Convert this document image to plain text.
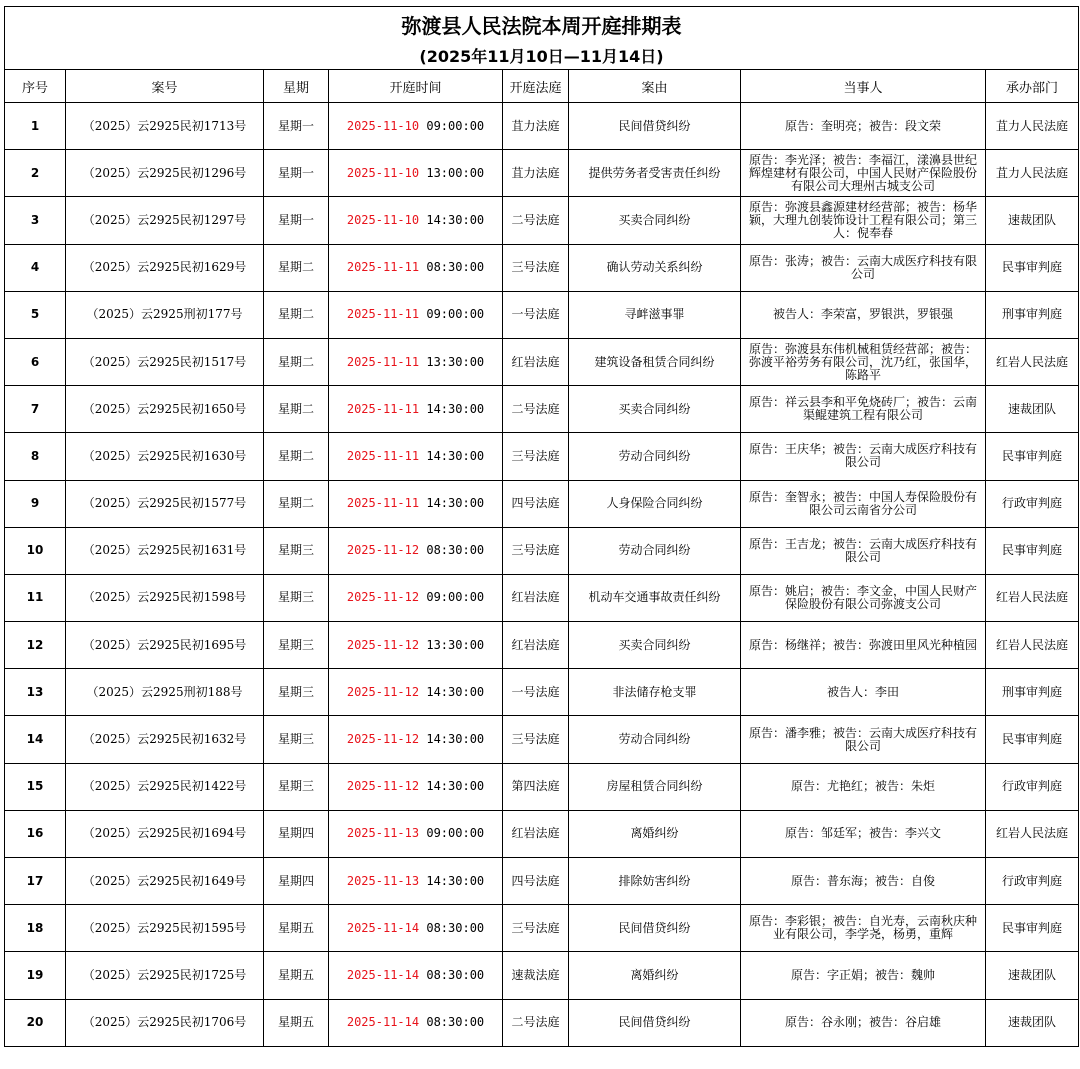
弥渡县人民法院本周开庭排期表							
(2025年11月10日—11月14日)							
序号	案号	星期	开庭时间	开庭法庭	案由	当事人	承办部门
1	（2025）云2925民初1713号	星期一	2025-11-10 09:00:00	苴力法庭	民间借贷纠纷	原告：奎明亮；被告：段文荣	苴力人民法庭
2	（2025）云2925民初1296号	星期一	2025-11-10 13:00:00	苴力法庭	提供劳务者受害责任纠纷	原告：李光泽；被告：李福江，漾濞县世纪辉煌建材有限公司，中国人民财产保险股份有限公司大理州古城支公司	苴力人民法庭
3	（2025）云2925民初1297号	星期一	2025-11-10 14:30:00	二号法庭	买卖合同纠纷	原告：弥渡县鑫源建材经营部；被告：杨华颖，大理九创装饰设计工程有限公司；第三人：倪奉春	速裁团队
4	（2025）云2925民初1629号	星期二	2025-11-11 08:30:00	三号法庭	确认劳动关系纠纷	原告：张涛；被告：云南大成医疗科技有限公司	民事审判庭
5	（2025）云2925刑初177号	星期二	2025-11-11 09:00:00	一号法庭	寻衅滋事罪	被告人：李荣富，罗银洪，罗银强	刑事审判庭
6	（2025）云2925民初1517号	星期二	2025-11-11 13:30:00	红岩法庭	建筑设备租赁合同纠纷	原告：弥渡县东伟机械租赁经营部；被告：弥渡平裕劳务有限公司，沈乃红，张国华，陈路平	红岩人民法庭
7	（2025）云2925民初1650号	星期二	2025-11-11 14:30:00	二号法庭	买卖合同纠纷	原告：祥云县李和平免烧砖厂；被告：云南渠鲲建筑工程有限公司	速裁团队
8	（2025）云2925民初1630号	星期二	2025-11-11 14:30:00	三号法庭	劳动合同纠纷	原告：王庆华；被告：云南大成医疗科技有限公司	民事审判庭
9	（2025）云2925民初1577号	星期二	2025-11-11 14:30:00	四号法庭	人身保险合同纠纷	原告：奎智永；被告：中国人寿保险股份有限公司云南省分公司	行政审判庭
10	（2025）云2925民初1631号	星期三	2025-11-12 08:30:00	三号法庭	劳动合同纠纷	原告：王吉龙；被告：云南大成医疗科技有限公司	民事审判庭
11	（2025）云2925民初1598号	星期三	2025-11-12 09:00:00	红岩法庭	机动车交通事故责任纠纷	原告：姚启；被告：李文金，中国人民财产保险股份有限公司弥渡支公司	红岩人民法庭
12	（2025）云2925民初1695号	星期三	2025-11-12 13:30:00	红岩法庭	买卖合同纠纷	原告：杨继祥；被告：弥渡田里风光种植园	红岩人民法庭
13	（2025）云2925刑初188号	星期三	2025-11-12 14:30:00	一号法庭	非法储存枪支罪	被告人：李田	刑事审判庭
14	（2025）云2925民初1632号	星期三	2025-11-12 14:30:00	三号法庭	劳动合同纠纷	原告：潘李雅；被告：云南大成医疗科技有限公司	民事审判庭
15	（2025）云2925民初1422号	星期三	2025-11-12 14:30:00	第四法庭	房屋租赁合同纠纷	原告：尤艳红；被告：朱炬	行政审判庭
16	（2025）云2925民初1694号	星期四	2025-11-13 09:00:00	红岩法庭	离婚纠纷	原告：邹廷军；被告：李兴文	红岩人民法庭
17	（2025）云2925民初1649号	星期四	2025-11-13 14:30:00	四号法庭	排除妨害纠纷	原告：普东海；被告：自俊	行政审判庭
18	（2025）云2925民初1595号	星期五	2025-11-14 08:30:00	三号法庭	民间借贷纠纷	原告：李彩银；被告：自光寿，云南秋庆种业有限公司，李学尧，杨勇，重辉	民事审判庭
19	（2025）云2925民初1725号	星期五	2025-11-14 08:30:00	速裁法庭	离婚纠纷	原告：字正娟；被告：魏帅	速裁团队
20	（2025）云2925民初1706号	星期五	2025-11-14 08:30:00	二号法庭	民间借贷纠纷	原告：谷永刚；被告：谷启雄	速裁团队
